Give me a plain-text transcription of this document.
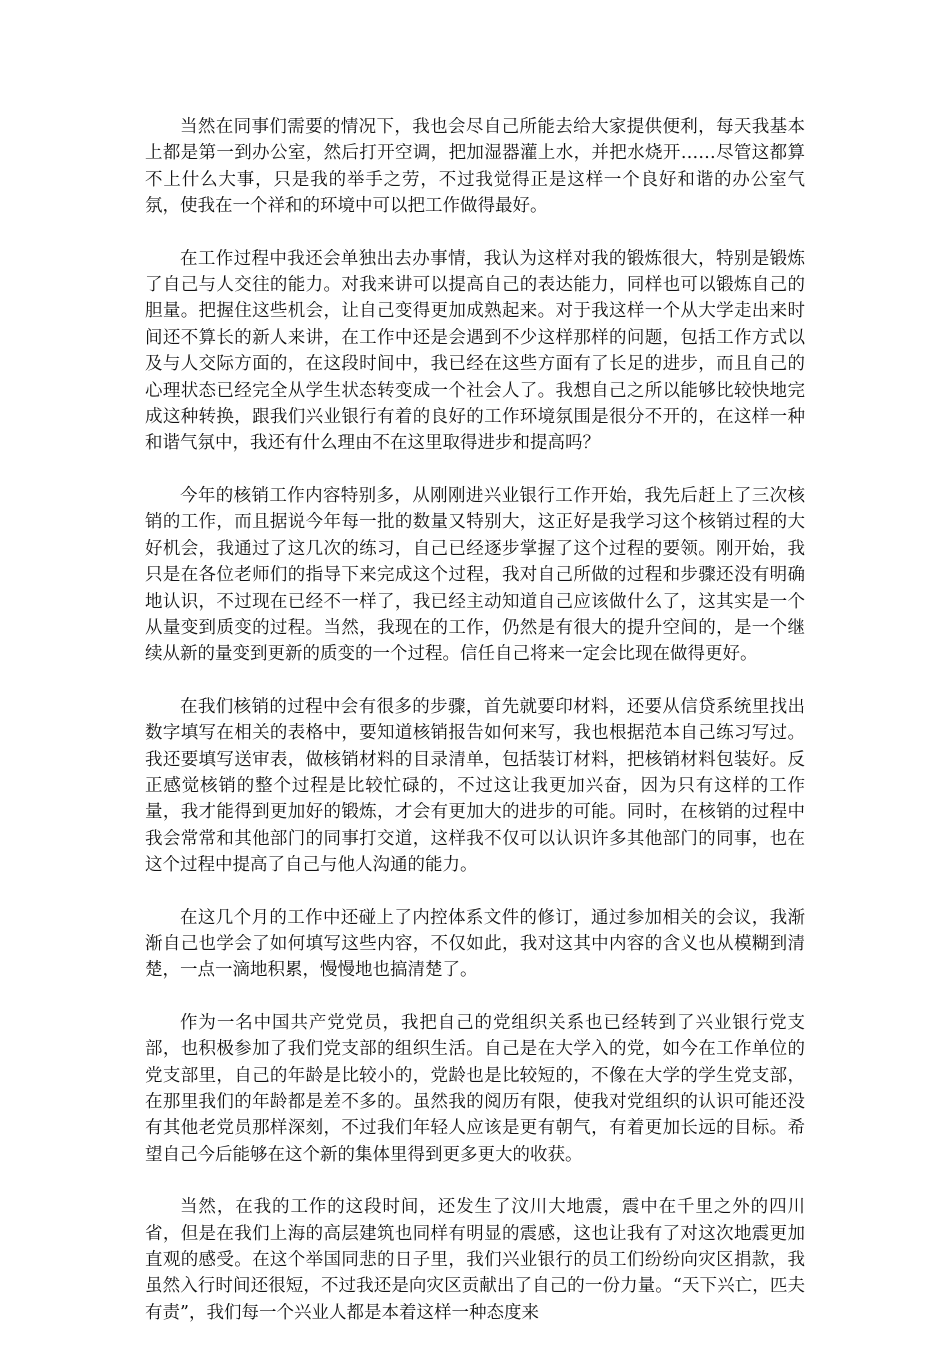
当然在同事们需要的情况下，我也会尽自己所能去给大家提供便利，每天我基本上都是第一到办公室，然后打开空调，把加湿器灌上水，并把水烧开……尽管这都算不上什么大事，只是我的举手之劳，不过我觉得正是这样一个良好和谐的办公室气氛，使我在一个祥和的环境中可以把工作做得最好。

在工作过程中我还会单独出去办事情，我认为这样对我的锻炼很大，特别是锻炼了自己与人交往的能力。对我来讲可以提高自己的表达能力，同样也可以锻炼自己的胆量。把握住这些机会，让自己变得更加成熟起来。对于我这样一个从大学走出来时间还不算长的新人来讲，在工作中还是会遇到不少这样那样的问题，包括工作方式以及与人交际方面的，在这段时间中，我已经在这些方面有了长足的进步，而且自己的心理状态已经完全从学生状态转变成一个社会人了。我想自己之所以能够比较快地完成这种转换，跟我们兴业银行有着的良好的工作环境氛围是很分不开的，在这样一种和谐气氛中，我还有什么理由不在这里取得进步和提高吗？

今年的核销工作内容特别多，从刚刚进兴业银行工作开始，我先后赶上了三次核销的工作，而且据说今年每一批的数量又特别大，这正好是我学习这个核销过程的大好机会，我通过了这几次的练习，自己已经逐步掌握了这个过程的要领。刚开始，我只是在各位老师们的指导下来完成这个过程，我对自己所做的过程和步骤还没有明确地认识，不过现在已经不一样了，我已经主动知道自己应该做什么了，这其实是一个从量变到质变的过程。当然，我现在的工作，仍然是有很大的提升空间的，是一个继续从新的量变到更新的质变的一个过程。信任自己将来一定会比现在做得更好。

在我们核销的过程中会有很多的步骤，首先就要印材料，还要从信贷系统里找出数字填写在相关的表格中，要知道核销报告如何来写，我也根据范本自己练习写过。我还要填写送审表，做核销材料的目录清单，包括装订材料，把核销材料包装好。反正感觉核销的整个过程是比较忙碌的，不过这让我更加兴奋，因为只有这样的工作量，我才能得到更加好的锻炼，才会有更加大的进步的可能。同时，在核销的过程中我会常常和其他部门的同事打交道，这样我不仅可以认识许多其他部门的同事，也在这个过程中提高了自己与他人沟通的能力。

在这几个月的工作中还碰上了内控体系文件的修订，通过参加相关的会议，我渐渐自己也学会了如何填写这些内容，不仅如此，我对这其中内容的含义也从模糊到清楚，一点一滴地积累，慢慢地也搞清楚了。

作为一名中国共产党党员，我把自己的党组织关系也已经转到了兴业银行党支部，也积极参加了我们党支部的组织生活。自己是在大学入的党，如今在工作单位的党支部里，自己的年龄是比较小的，党龄也是比较短的，不像在大学的学生党支部，在那里我们的年龄都是差不多的。虽然我的阅历有限，使我对党组织的认识可能还没有其他老党员那样深刻，不过我们年轻人应该是更有朝气，有着更加长远的目标。希望自己今后能够在这个新的集体里得到更多更大的收获。

当然，在我的工作的这段时间，还发生了汶川大地震，震中在千里之外的四川省，但是在我们上海的高层建筑也同样有明显的震感，这也让我有了对这次地震更加直观的感受。在这个举国同悲的日子里，我们兴业银行的员工们纷纷向灾区捐款，我虽然入行时间还很短，不过我还是向灾区贡献出了自己的一份力量。“天下兴亡，匹夫有责”，我们每一个兴业人都是本着这样一种态度来
